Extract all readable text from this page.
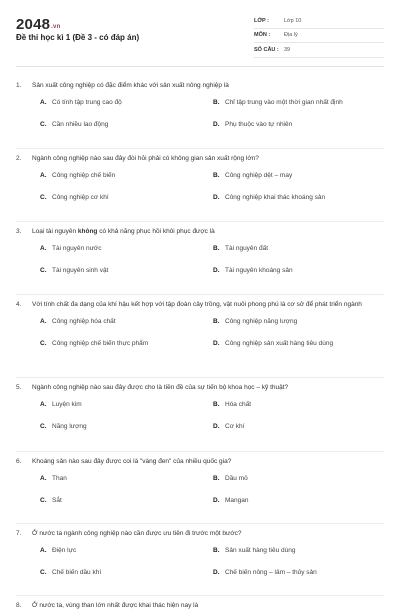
2048.vn
Đề thi học kì 1 (Đề 3 - có đáp án)
LỚP :	Lớp 10
MÔN :	Địa lý
SỐ CÂU : 39
1.	Sản xuất công nghiệp có đặc điểm khác với sản xuất nông nghiệp là
A. Có tính tập trung cao độ	B. Chỉ tập trung vào một thời gian nhất định
C. Cần nhiều lao động	D. Phụ thuộc vào tự nhiên
2.	Ngành công nghiệp nào sau đây đòi hỏi phải có không gian sản xuất rộng lớn?
A. Công nghiệp chế biến	B. Công nghiệp dệt – may
C. Công nghiệp cơ khí	D. Công nghiệp khai thác khoáng sản
3.	Loại tài nguyên không có khả năng phục hồi khôi phục được là
A. Tài nguyên nước	B. Tài nguyên đất
C. Tài nguyên sinh vật	D. Tài nguyên khoáng sản
4.	Với tính chất đa dạng của khí hậu kết hợp với tập đoàn cây trồng, vật nuôi phong phú là cơ sở để phát triển ngành
A. Công nghiệp hóa chất	B. Công nghiệp năng lượng
C. Công nghiệp chế biến thực phẩm	D. Công nghiệp sản xuất hàng tiêu dùng
5.	Ngành công nghiệp nào sau đây được cho là tiền đề của sự tiến bộ khoa học – kỹ thuật?
A. Luyện kim	B. Hóa chất
C. Năng lượng	D. Cơ khí
6.	Khoáng sản nào sau đây được coi là "vàng đen" của nhiều quốc gia?
A. Than	B. Dầu mỏ
C. Sắt	D. Mangan
7.	Ở nước ta ngành công nghiệp nào cần được ưu tiên đi trước một bước?
A. Điện lực	B. Sản xuất hàng tiêu dùng
C. Chế biến dầu khí	D. Chế biến nông – lâm – thủy sản
8.	Ở nước ta, vùng than lớn nhất được khai thác hiện nay là
